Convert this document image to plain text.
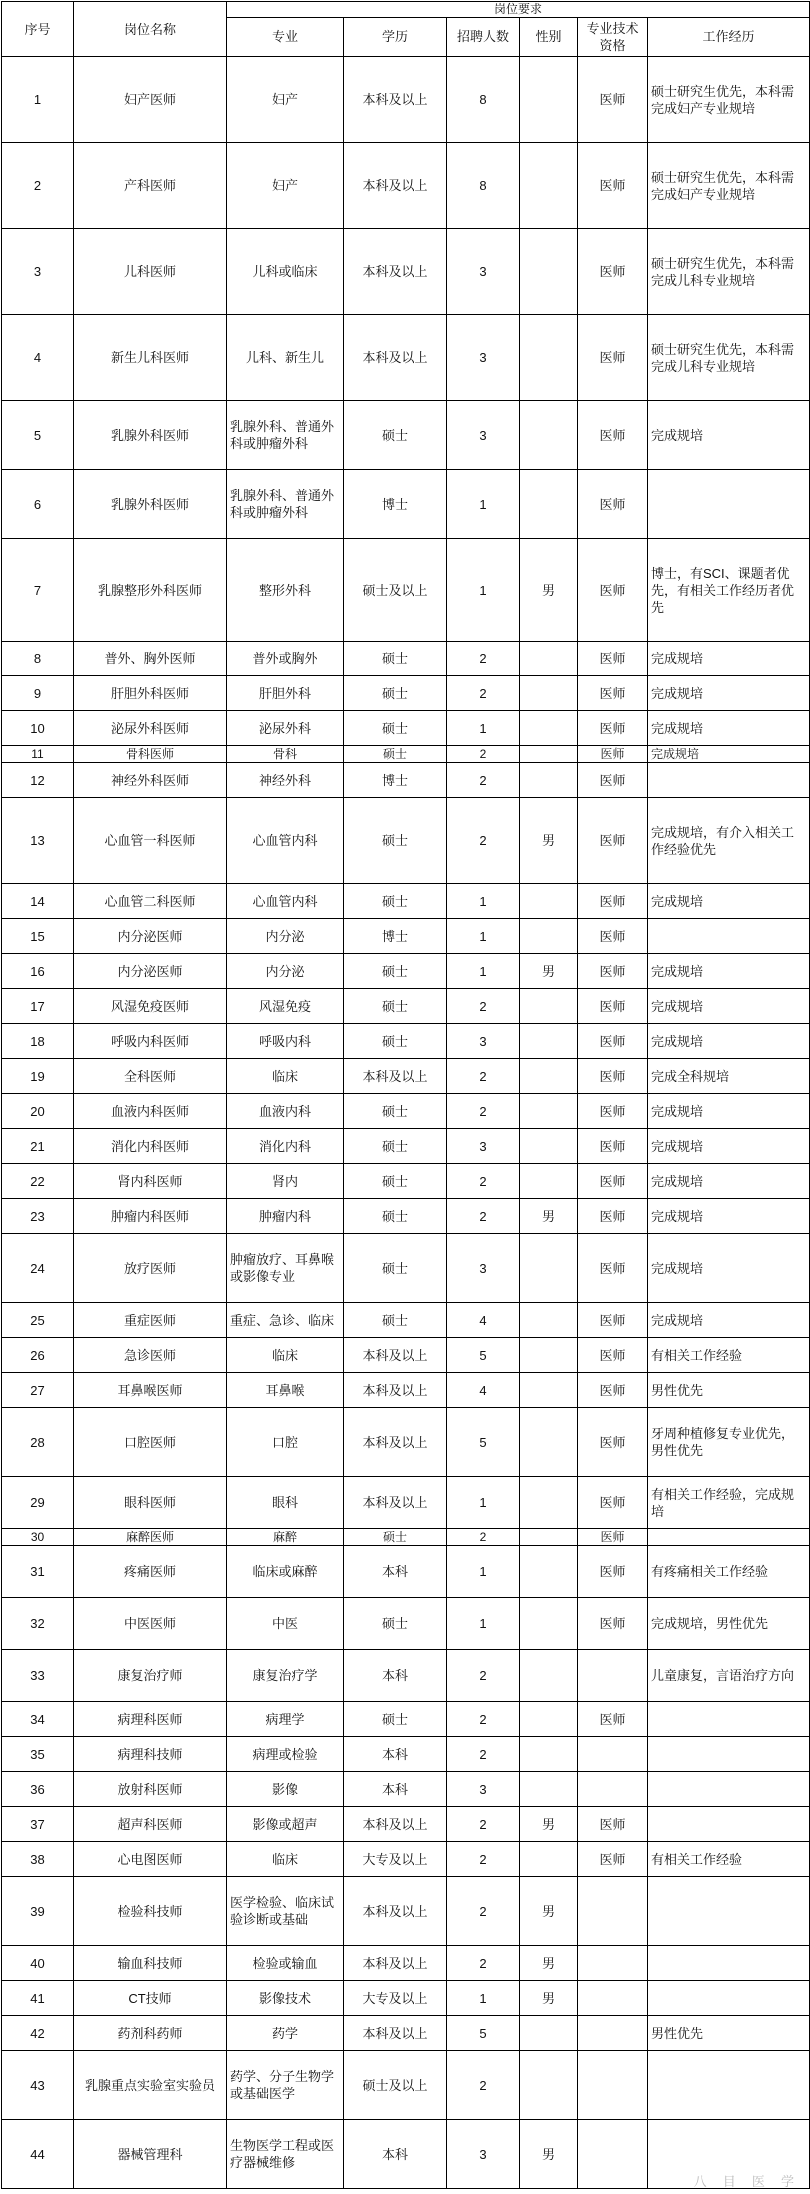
序号	岗位名称	岗位要求					
		专业	学历	招聘人数	性别	专业技术资格	工作经历
1	妇产医师	妇产	本科及以上	8		医师	硕士研究生优先，本科需完成妇产专业规培
2	产科医师	妇产	本科及以上	8		医师	硕士研究生优先，本科需完成妇产专业规培
3	儿科医师	儿科或临床	本科及以上	3		医师	硕士研究生优先，本科需完成儿科专业规培
4	新生儿科医师	儿科、新生儿	本科及以上	3		医师	硕士研究生优先，本科需完成儿科专业规培
5	乳腺外科医师	乳腺外科、普通外科或肿瘤外科	硕士	3		医师	完成规培
6	乳腺外科医师	乳腺外科、普通外科或肿瘤外科	博士	1		医师	
7	乳腺整形外科医师	整形外科	硕士及以上	1	男	医师	博士，有SCI、课题者优先，有相关工作经历者优先
8	普外、胸外医师	普外或胸外	硕士	2		医师	完成规培
9	肝胆外科医师	肝胆外科	硕士	2		医师	完成规培
10	泌尿外科医师	泌尿外科	硕士	1		医师	完成规培
11	骨科医师	骨科	硕士	2		医师	完成规培
12	神经外科医师	神经外科	博士	2		医师	
13	心血管一科医师	心血管内科	硕士	2	男	医师	完成规培，有介入相关工作经验优先
14	心血管二科医师	心血管内科	硕士	1		医师	完成规培
15	内分泌医师	内分泌	博士	1		医师	
16	内分泌医师	内分泌	硕士	1	男	医师	完成规培
17	风湿免疫医师	风湿免疫	硕士	2		医师	完成规培
18	呼吸内科医师	呼吸内科	硕士	3		医师	完成规培
19	全科医师	临床	本科及以上	2		医师	完成全科规培
20	血液内科医师	血液内科	硕士	2		医师	完成规培
21	消化内科医师	消化内科	硕士	3		医师	完成规培
22	肾内科医师	肾内	硕士	2		医师	完成规培
23	肿瘤内科医师	肿瘤内科	硕士	2	男	医师	完成规培
24	放疗医师	肿瘤放疗、耳鼻喉或影像专业	硕士	3		医师	完成规培
25	重症医师	重症、急诊、临床	硕士	4		医师	完成规培
26	急诊医师	临床	本科及以上	5		医师	有相关工作经验
27	耳鼻喉医师	耳鼻喉	本科及以上	4		医师	男性优先
28	口腔医师	口腔	本科及以上	5		医师	牙周种植修复专业优先，男性优先
29	眼科医师	眼科	本科及以上	1		医师	有相关工作经验，完成规培
30	麻醉医师	麻醉	硕士	2		医师	
31	疼痛医师	临床或麻醉	本科	1		医师	有疼痛相关工作经验
32	中医医师	中医	硕士	1		医师	完成规培，男性优先
33	康复治疗师	康复治疗学	本科	2			儿童康复，言语治疗方向
34	病理科医师	病理学	硕士	2		医师	
35	病理科技师	病理或检验	本科	2			
36	放射科医师	影像	本科	3			
37	超声科医师	影像或超声	本科及以上	2	男	医师	
38	心电图医师	临床	大专及以上	2		医师	有相关工作经验
39	检验科技师	医学检验、临床试验诊断或基础	本科及以上	2	男		
40	输血科技师	检验或输血	本科及以上	2	男		
41	CT技师	影像技术	大专及以上	1	男		
42	药剂科药师	药学	本科及以上	5			男性优先
43	乳腺重点实验室实验员	药学、分子生物学或基础医学	硕士及以上	2			
44	器械管理科	生物医学工程或医疗器械维修	本科	3	男		
八 目 医 学
